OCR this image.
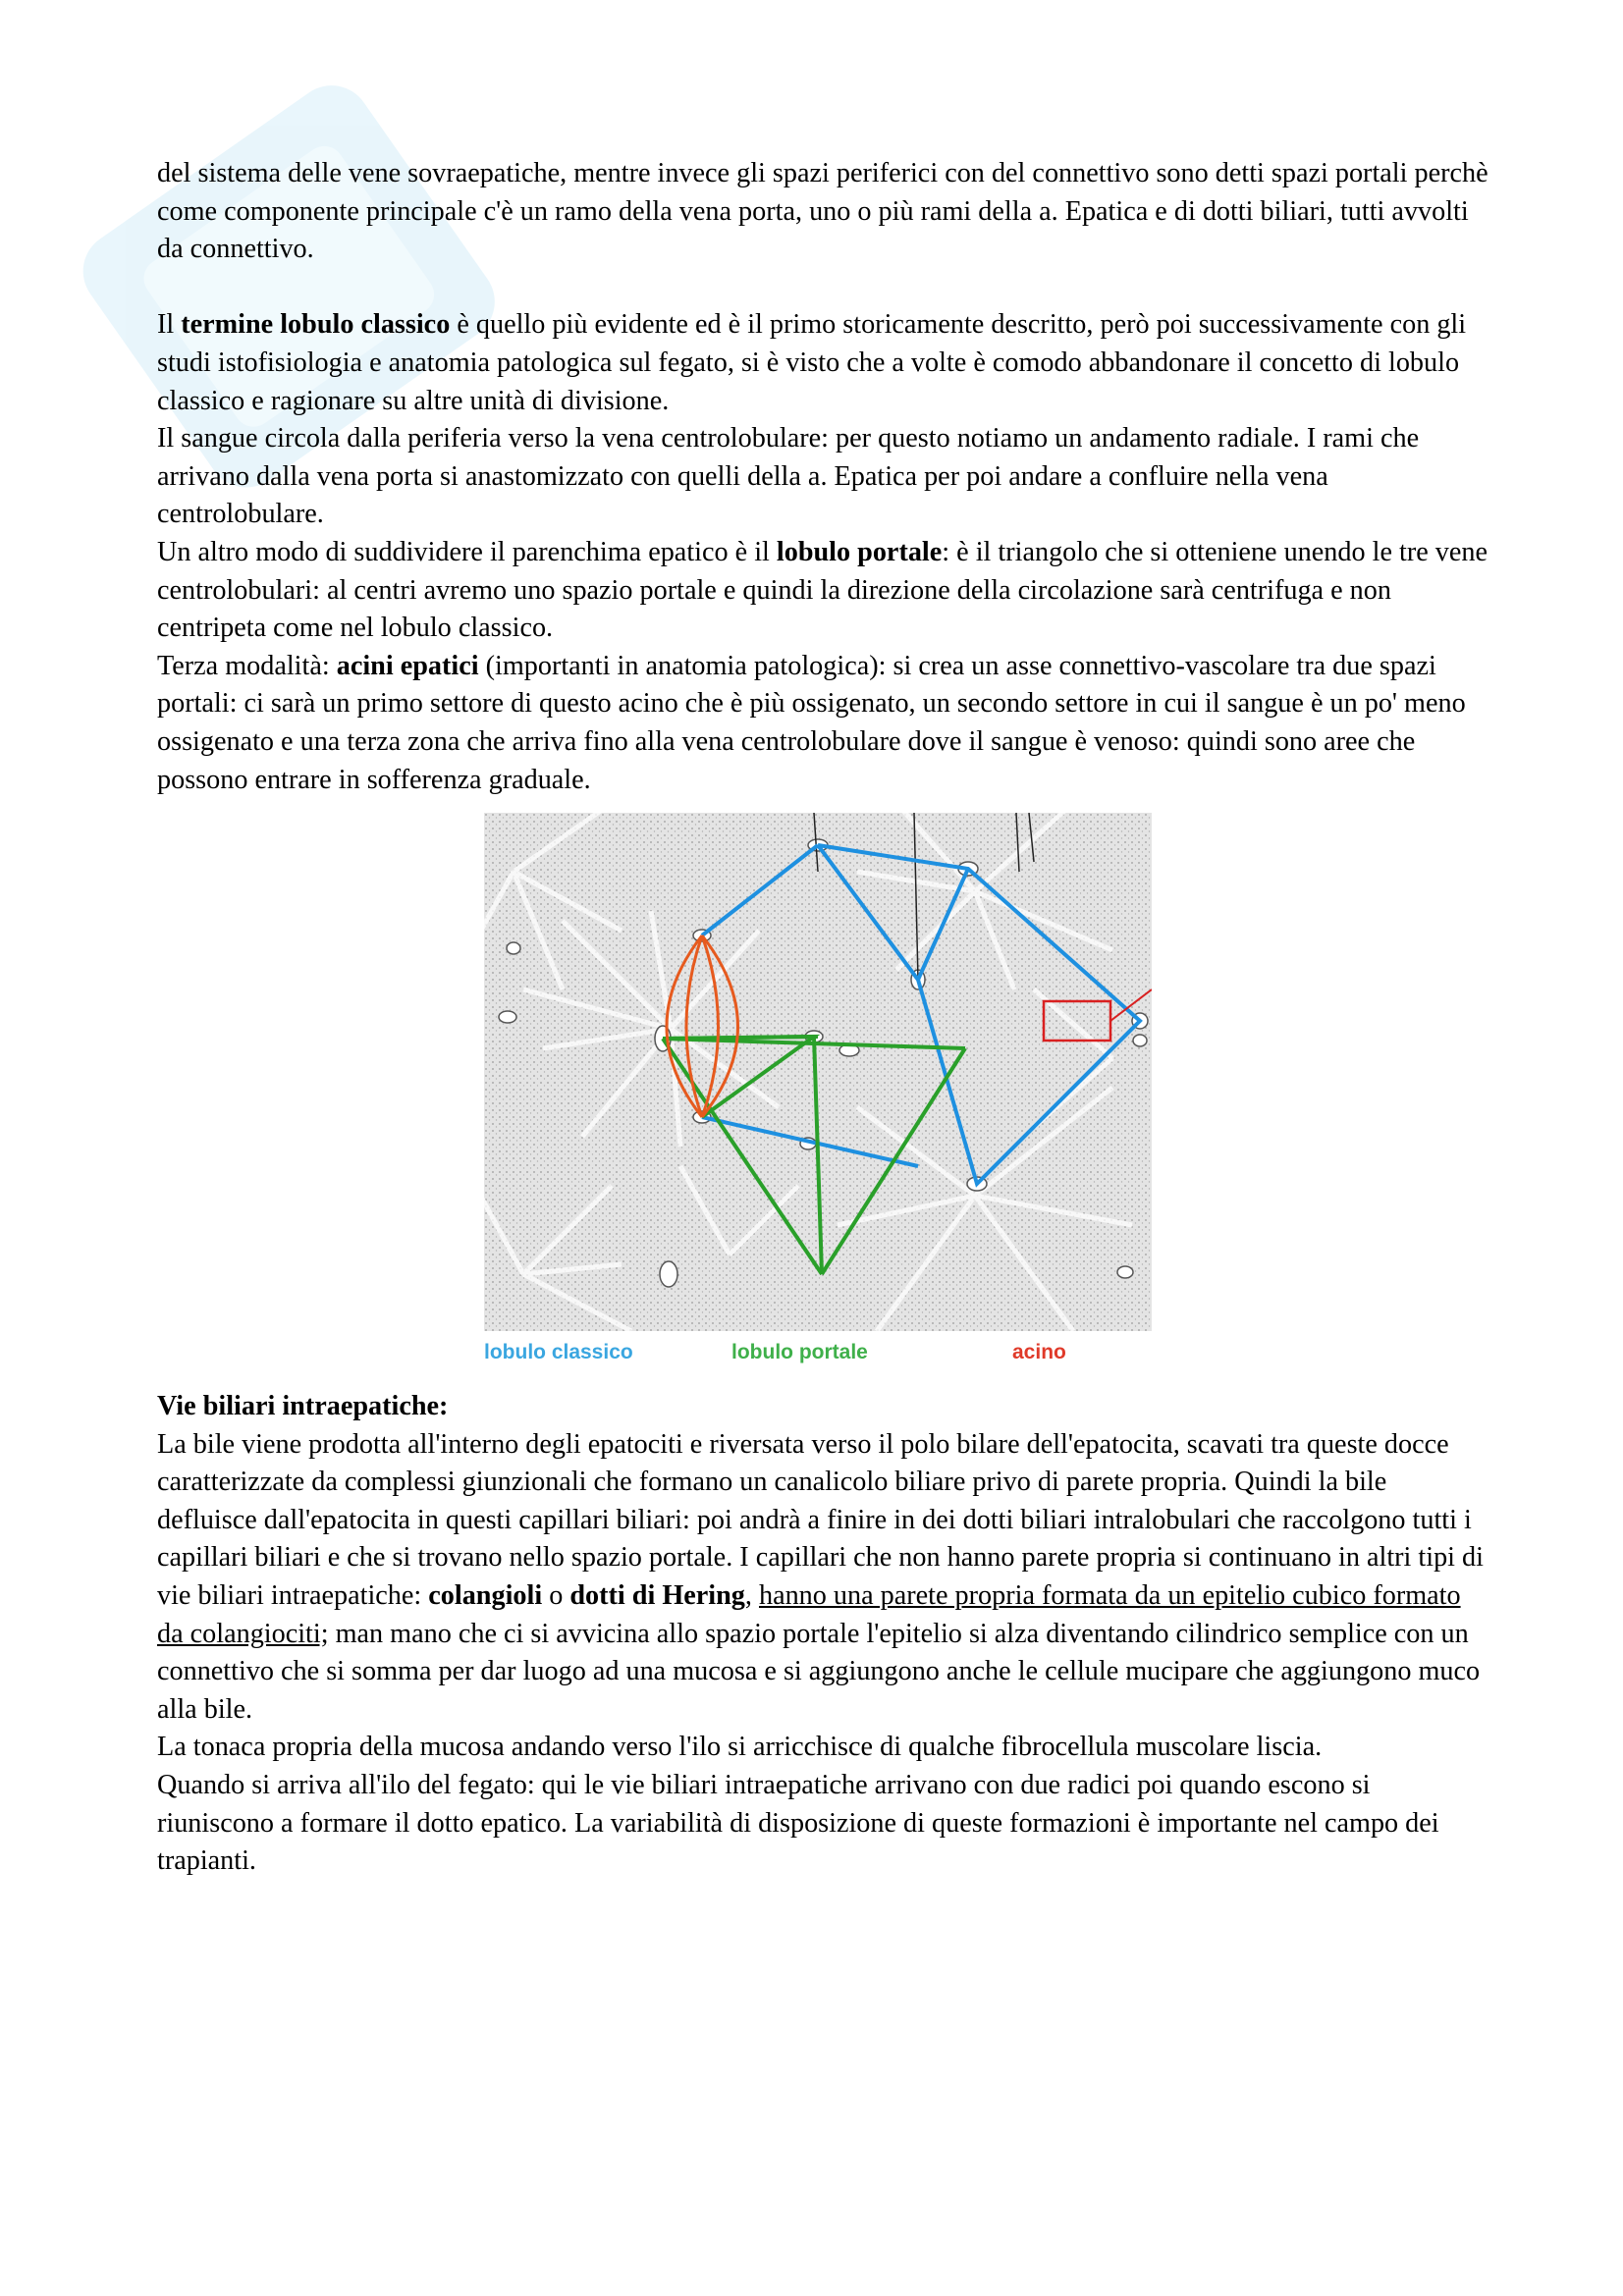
del sistema delle vene sovraepatiche, mentre invece gli spazi periferici con del connettivo sono detti spazi portali perchè come componente principale c'è un ramo della vena porta, uno o più rami della a. Epatica e di dotti biliari, tutti avvolti da connettivo.

Il termine lobulo classico è quello più evidente ed è il primo storicamente descritto, però poi successivamente con gli studi istofisiologia e anatomia patologica sul fegato, si è visto che a volte è comodo abbandonare il concetto di lobulo classico e ragionare su altre unità di divisione.

Il sangue circola dalla periferia verso la vena centrolobulare: per questo notiamo un andamento radiale. I rami che arrivano dalla vena porta si anastomizzato con quelli della a. Epatica per poi andare a confluire nella vena centrolobulare.

Un altro modo di suddividere il parenchima epatico è il lobulo portale: è il triangolo che si otteniene unendo le tre vene centrolobulari: al centri avremo uno spazio portale e quindi la direzione della circolazione sarà centrifuga e non centripeta come nel lobulo classico.

Terza modalità: acini epatici (importanti in anatomia patologica): si crea un asse connettivo-vascolare tra due spazi portali: ci sarà un primo settore di questo acino che è più ossigenato, un secondo settore in cui il sangue è un po' meno ossigenato e una terza zona che arriva fino alla vena centrolobulare dove il sangue è venoso: quindi sono aree che possono entrare in sofferenza graduale.

lobulo classico	lobulo portale	acino

Vie biliari intraepatiche:

La bile viene prodotta all'interno degli epatociti e riversata verso il polo bilare dell'epatocita, scavati tra queste docce caratterizzate da complessi giunzionali che formano un canalicolo biliare privo di parete propria. Quindi la bile defluisce dall'epatocita in questi capillari biliari: poi andrà a finire in dei dotti biliari intralobulari che raccolgono tutti i capillari biliari e che si trovano nello spazio portale. I capillari che non hanno parete propria si continuano in altri tipi di vie biliari intraepatiche: colangioli o dotti di Hering, hanno una parete propria formata da un epitelio cubico formato da colangiociti; man mano che ci si avvicina allo spazio portale l'epitelio si alza diventando cilindrico semplice con un connettivo che si somma per dar luogo ad una mucosa e si aggiungono anche le cellule mucipare che aggiungono muco alla bile.

La tonaca propria della mucosa andando verso l'ilo si arricchisce di qualche fibrocellula muscolare liscia.

Quando si arriva all'ilo del fegato: qui le vie biliari intraepatiche arrivano con due radici poi quando escono si riuniscono a formare il dotto epatico. La variabilità di disposizione di queste formazioni è importante nel campo dei trapianti.
